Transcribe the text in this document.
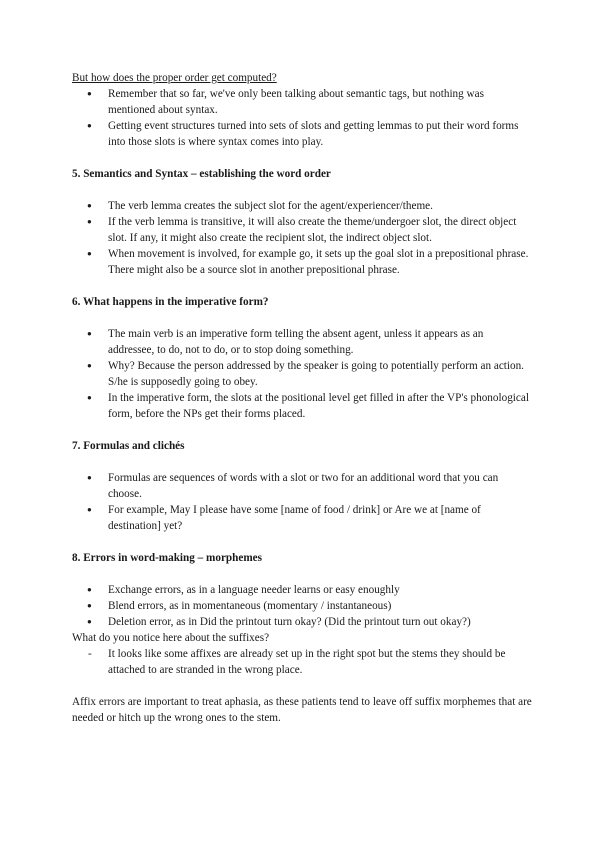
But how does the proper order get computed?

● Remember that so far, we've only been talking about semantic tags, but nothing was mentioned about syntax.
● Getting event structures turned into sets of slots and getting lemmas to put their word forms into those slots is where syntax comes into play.

5. Semantics and Syntax – establishing the word order

● The verb lemma creates the subject slot for the agent/experiencer/theme.
● If the verb lemma is transitive, it will also create the theme/undergoer slot, the direct object slot. If any, it might also create the recipient slot, the indirect object slot.
● When movement is involved, for example go, it sets up the goal slot in a prepositional phrase. There might also be a source slot in another prepositional phrase.

6. What happens in the imperative form?

● The main verb is an imperative form telling the absent agent, unless it appears as an addressee, to do, not to do, or to stop doing something.
● Why? Because the person addressed by the speaker is going to potentially perform an action. S/he is supposedly going to obey.
● In the imperative form, the slots at the positional level get filled in after the VP's phonological form, before the NPs get their forms placed.

7. Formulas and clichés

● Formulas are sequences of words with a slot or two for an additional word that you can choose.
● For example, May I please have some [name of food / drink] or Are we at [name of destination] yet?

8. Errors in word-making – morphemes

● Exchange errors, as in a language needer learns or easy enoughly
● Blend errors, as in momentaneous (momentary / instantaneous)
● Deletion error, as in Did the printout turn okay? (Did the printout turn out okay?)

What do you notice here about the suffixes?

- It looks like some affixes are already set up in the right spot but the stems they should be attached to are stranded in the wrong place.

Affix errors are important to treat aphasia, as these patients tend to leave off suffix morphemes that are needed or hitch up the wrong ones to the stem.
